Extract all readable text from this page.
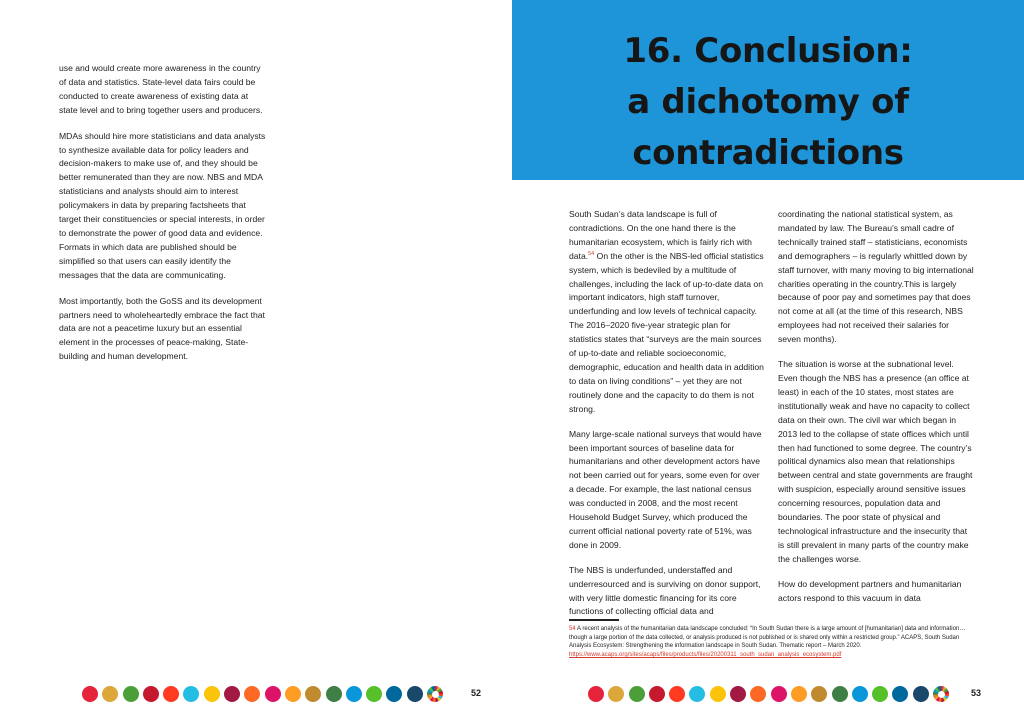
use and would create more awareness in the country of data and statistics. State-level data fairs could be conducted to create awareness of existing data at state level and to bring together users and producers.

MDAs should hire more statisticians and data analysts to synthesize available data for policy leaders and decision-makers to make use of, and they should be better remunerated than they are now. NBS and MDA statisticians and analysts should aim to interest policymakers in data by preparing factsheets that target their constituencies or special interests, in order to demonstrate the power of good data and evidence. Formats in which data are published should be simplified so that users can easily identify the messages that the data are communicating.

Most importantly, both the GoSS and its development partners need to wholeheartedly embrace the fact that data are not a peacetime luxury but an essential element in the processes of peace-making, State-building and human development.

52
16. Conclusion:
a dichotomy of
contradictions

South Sudan’s data landscape is full of contradictions. On the one hand there is the humanitarian ecosystem, which is fairly rich with data.$^{54}$ On the other is the NBS-led official statistics system, which is bedeviled by a multitude of challenges, including the lack of up-to-date data on important indicators, high staff turnover, underfunding and low levels of technical capacity. The 2016–2020 five-year strategic plan for statistics states that “surveys are the main sources of up-to-date and reliable socioeconomic, demographic, education and health data in addition to data on living conditions” – yet they are not routinely done and the capacity to do them is not strong.

Many large-scale national surveys that would have been important sources of baseline data for humanitarians and other development actors have not been carried out for years, some even for over a decade. For example, the last national census was conducted in 2008, and the most recent Household Budget Survey, which produced the current official national poverty rate of 51%, was done in 2009.

The NBS is underfunded, understaffed and underresourced and is surviving on donor support, with very little domestic financing for its core functions of collecting official data and

coordinating the national statistical system, as mandated by law. The Bureau’s small cadre of technically trained staff – statisticians, economists and demographers – is regularly whittled down by staff turnover, with many moving to big international charities operating in the country.This is largely because of poor pay and sometimes pay that does not come at all (at the time of this research, NBS employees had not received their salaries for seven months).

The situation is worse at the subnational level. Even though the NBS has a presence (an office at least) in each of the 10 states, most states are institutionally weak and have no capacity to collect data on their own. The civil war which began in 2013 led to the collapse of state offices which until then had functioned to some degree. The country’s political dynamics also mean that relationships between central and state governments are fraught with suspicion, especially around sensitive issues concerning resources, population data and boundaries. The poor state of physical and technological infrastructure and the insecurity that is still prevalent in many parts of the country make the challenges worse.

How do development partners and humanitarian actors respond to this vacuum in data

54 A recent analysis of the humanitarian data landscape concluded: “In South Sudan there is a large amount of [humanitarian] data and information…though a large portion of the data collected, or analysis produced is not published or is shared only within a restricted group.” ACAPS, South Sudan Analysis Ecosystem: Strengthening the information landscape in South Sudan. Thematic report – March 2020. https://www.acaps.org/sites/acaps/files/products/files/20200311_south_sudan_analysis_ecosystem.pdf

53
